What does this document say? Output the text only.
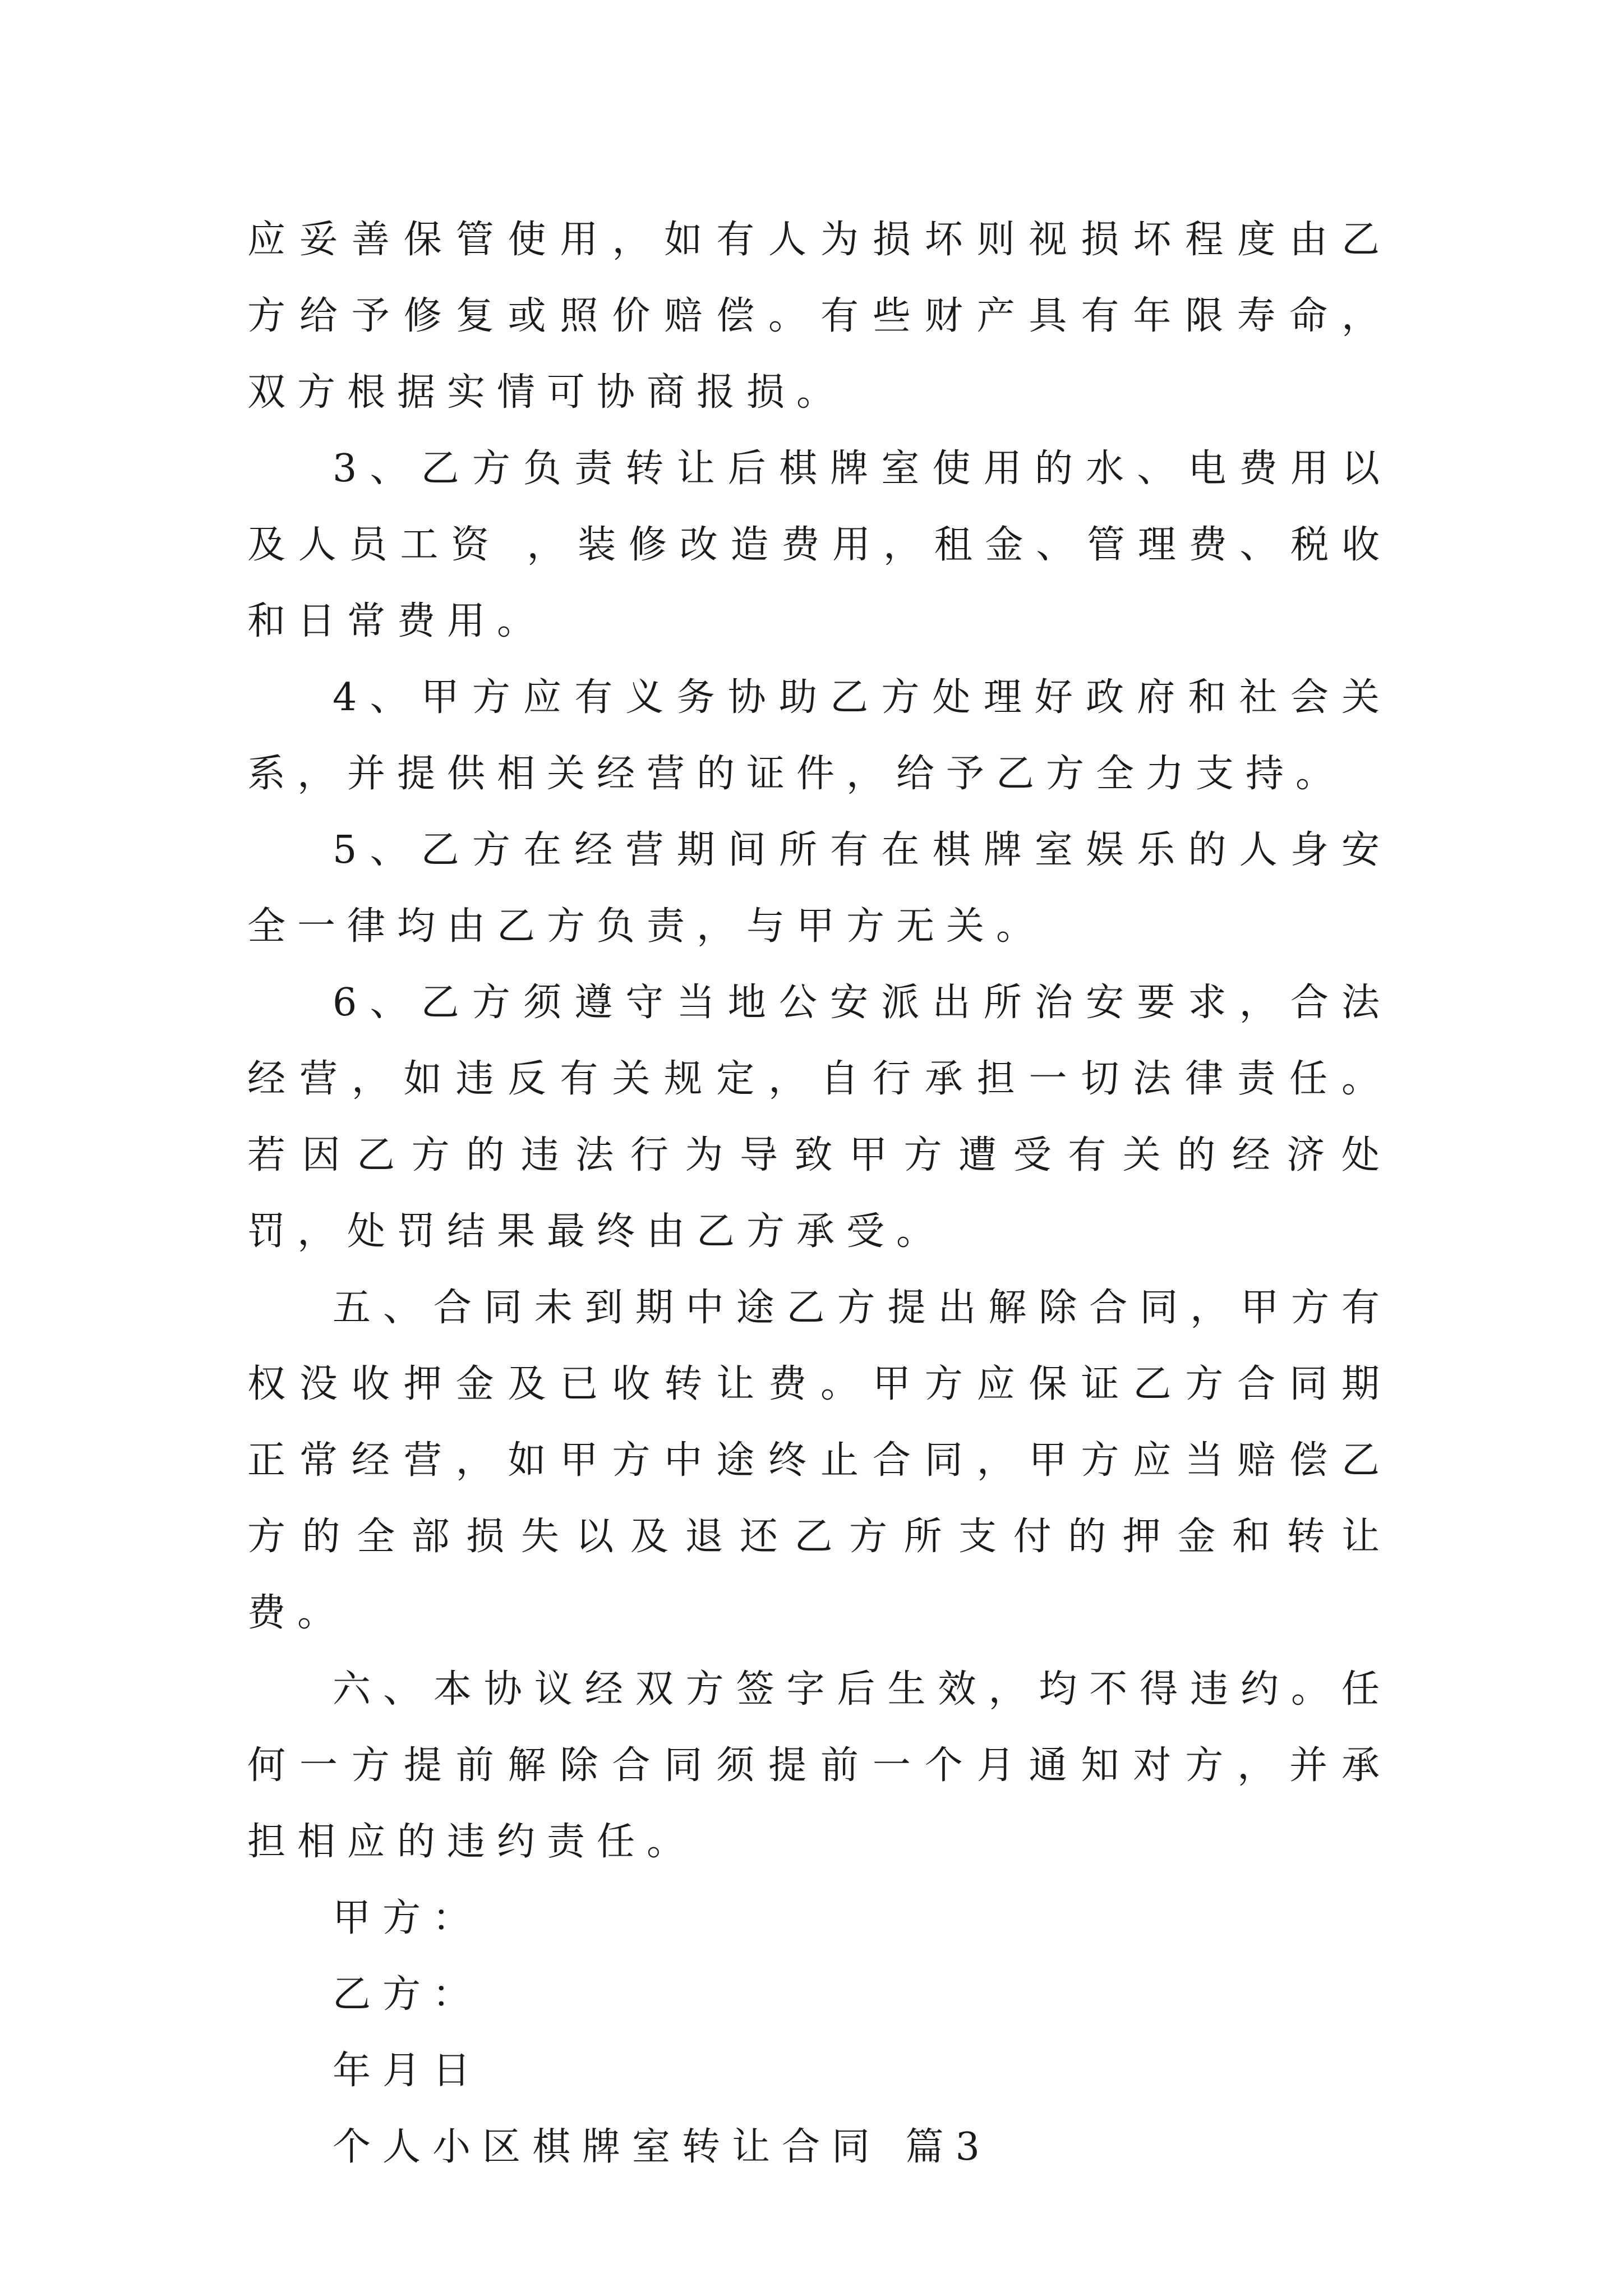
应妥善保管使用，如有人为损坏则视损坏程度由乙方给予修复或照价赔偿。有些财产具有年限寿命，双方根据实情可协商报损。

3、乙方负责转让后棋牌室使用的水、电费用以及人员工资 ，装修改造费用，租金、管理费、税收和日常费用。

4、甲方应有义务协助乙方处理好政府和社会关系，并提供相关经营的证件，给予乙方全力支持。

5、乙方在经营期间所有在棋牌室娱乐的人身安全一律均由乙方负责，与甲方无关。

6、乙方须遵守当地公安派出所治安要求，合法经营，如违反有关规定，自行承担一切法律责任。若因乙方的违法行为导致甲方遭受有关的经济处罚，处罚结果最终由乙方承受。

五、合同未到期中途乙方提出解除合同，甲方有权没收押金及已收转让费。甲方应保证乙方合同期正常经营，如甲方中途终止合同，甲方应当赔偿乙方的全部损失以及退还乙方所支付的押金和转让费。

六、本协议经双方签字后生效，均不得违约。任何一方提前解除合同须提前一个月通知对方，并承担相应的违约责任。

甲方：

乙方：

年月日

个人小区棋牌室转让合同 篇3
